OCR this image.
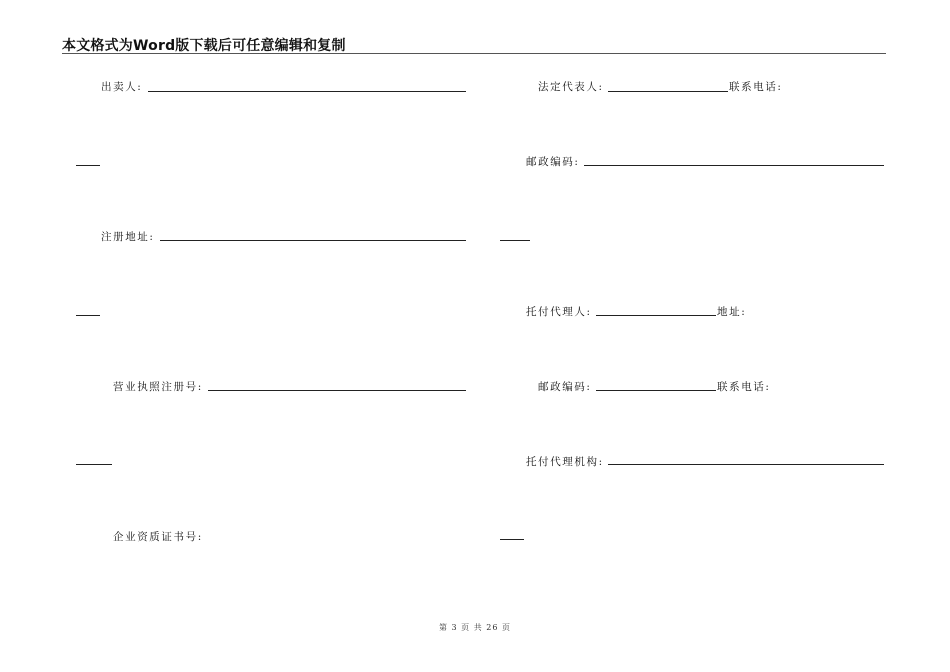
本文格式为Word版下载后可任意编辑和复制
出卖人:
注册地址:
营业执照注册号:
企业资质证书号:
法定代表人:	联系电话:
邮政编码:
托付代理人:	地址:
邮政编码:	联系电话:
托付代理机构:
第 3 页 共 26 页
